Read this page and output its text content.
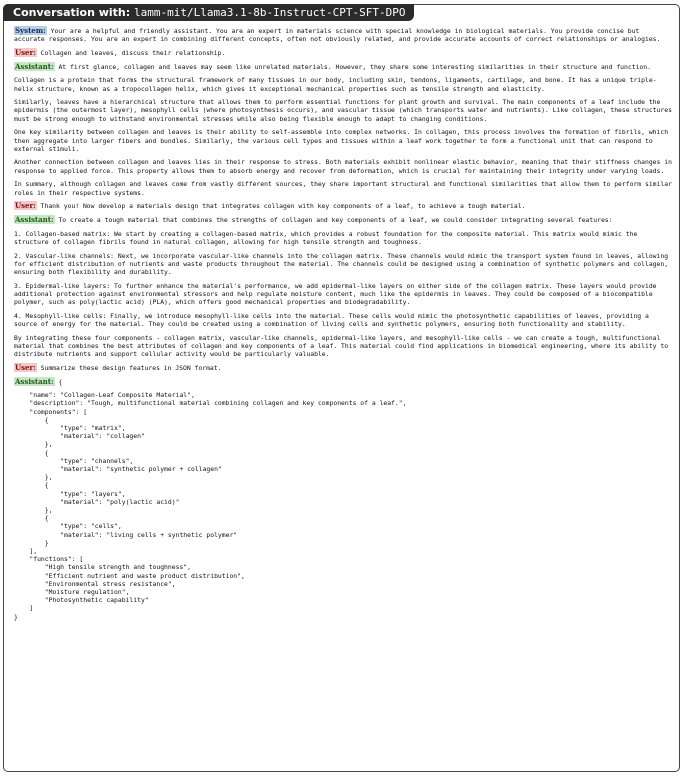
Conversation with: lamm-mit/Llama3.1-8b-Instruct-CPT-SFT-DPO
System: Your are a helpful and friendly assistant. You are an expert in materials science with special knowledge in biological materials. You provide concise but accurate responses. You are an expert in combining different concepts, often not obviously related, and provide accurate accounts of correct relationships or analogies.
User: Collagen and leaves, discuss their relationship.
Assistant: At first glance, collagen and leaves may seem like unrelated materials. However, they share some interesting similarities in their structure and function.
Collagen is a protein that forms the structural framework of many tissues in our body, including skin, tendons, ligaments, cartilage, and bone. It has a unique triple-helix structure, known as a tropocollagen helix, which gives it exceptional mechanical properties such as tensile strength and elasticity.
Similarly, leaves have a hierarchical structure that allows them to perform essential functions for plant growth and survival. The main components of a leaf include the epidermis (the outermost layer), mesophyll cells (where photosynthesis occurs), and vascular tissue (which transports water and nutrients). Like collagen, these structures must be strong enough to withstand environmental stresses while also being flexible enough to adapt to changing conditions.
One key similarity between collagen and leaves is their ability to self-assemble into complex networks. In collagen, this process involves the formation of fibrils, which then aggregate into larger fibers and bundles. Similarly, the various cell types and tissues within a leaf work together to form a functional unit that can respond to external stimuli.
Another connection between collagen and leaves lies in their response to stress. Both materials exhibit nonlinear elastic behavior, meaning that their stiffness changes in response to applied force. This property allows them to absorb energy and recover from deformation, which is crucial for maintaining their integrity under varying loads.
In summary, although collagen and leaves come from vastly different sources, they share important structural and functional similarities that allow them to perform similar roles in their respective systems.
User: Thank you! Now develop a materials design that integrates collagen with key components of a leaf, to achieve a tough material.
Assistant: To create a tough material that combines the strengths of collagen and key components of a leaf, we could consider integrating several features:
1. Collagen-based matrix: We start by creating a collagen-based matrix, which provides a robust foundation for the composite material. This matrix would mimic the structure of collagen fibrils found in natural collagen, allowing for high tensile strength and toughness.
2. Vascular-like channels: Next, we incorporate vascular-like channels into the collagen matrix. These channels would mimic the transport system found in leaves, allowing for efficient distribution of nutrients and waste products throughout the material. The channels could be designed using a combination of synthetic polymers and collagen, ensuring both flexibility and durability.
3. Epidermal-like layers: To further enhance the material's performance, we add epidermal-like layers on either side of the collagen matrix. These layers would provide additional protection against environmental stressors and help regulate moisture content, much like the epidermis in leaves. They could be composed of a biocompatible polymer, such as poly(lactic acid) (PLA), which offers good mechanical properties and biodegradability.
4. Mesophyll-like cells: Finally, we introduce mesophyll-like cells into the material. These cells would mimic the photosynthetic capabilities of leaves, providing a source of energy for the material. They could be created using a combination of living cells and synthetic polymers, ensuring both functionality and stability.
By integrating these four components - collagen matrix, vascular-like channels, epidermal-like layers, and mesophyll-like cells - we can create a tough, multifunctional material that combines the best attributes of collagen and key components of a leaf. This material could find applications in biomedical engineering, where its ability to distribute nutrients and support cellular activity would be particularly valuable.
User: Summarize these design features in JSON format.
Assistant: {
"name": "Collagen-Leaf Composite Material",
"description": "Tough, multifunctional material combining collagen and key components of a leaf.",
"components": [
{
"type": "matrix",
"material": "collagen"
},
{
"type": "channels",
"material": "synthetic polymer + collagen"
},
{
"type": "layers",
"material": "poly(lactic acid)"
},
{
"type": "cells",
"material": "living cells + synthetic polymer"
}
],
"functions": [
"High tensile strength and toughness",
"Efficient nutrient and waste product distribution",
"Environmental stress resistance",
"Moisture regulation",
"Photosynthetic capability"
]
}
